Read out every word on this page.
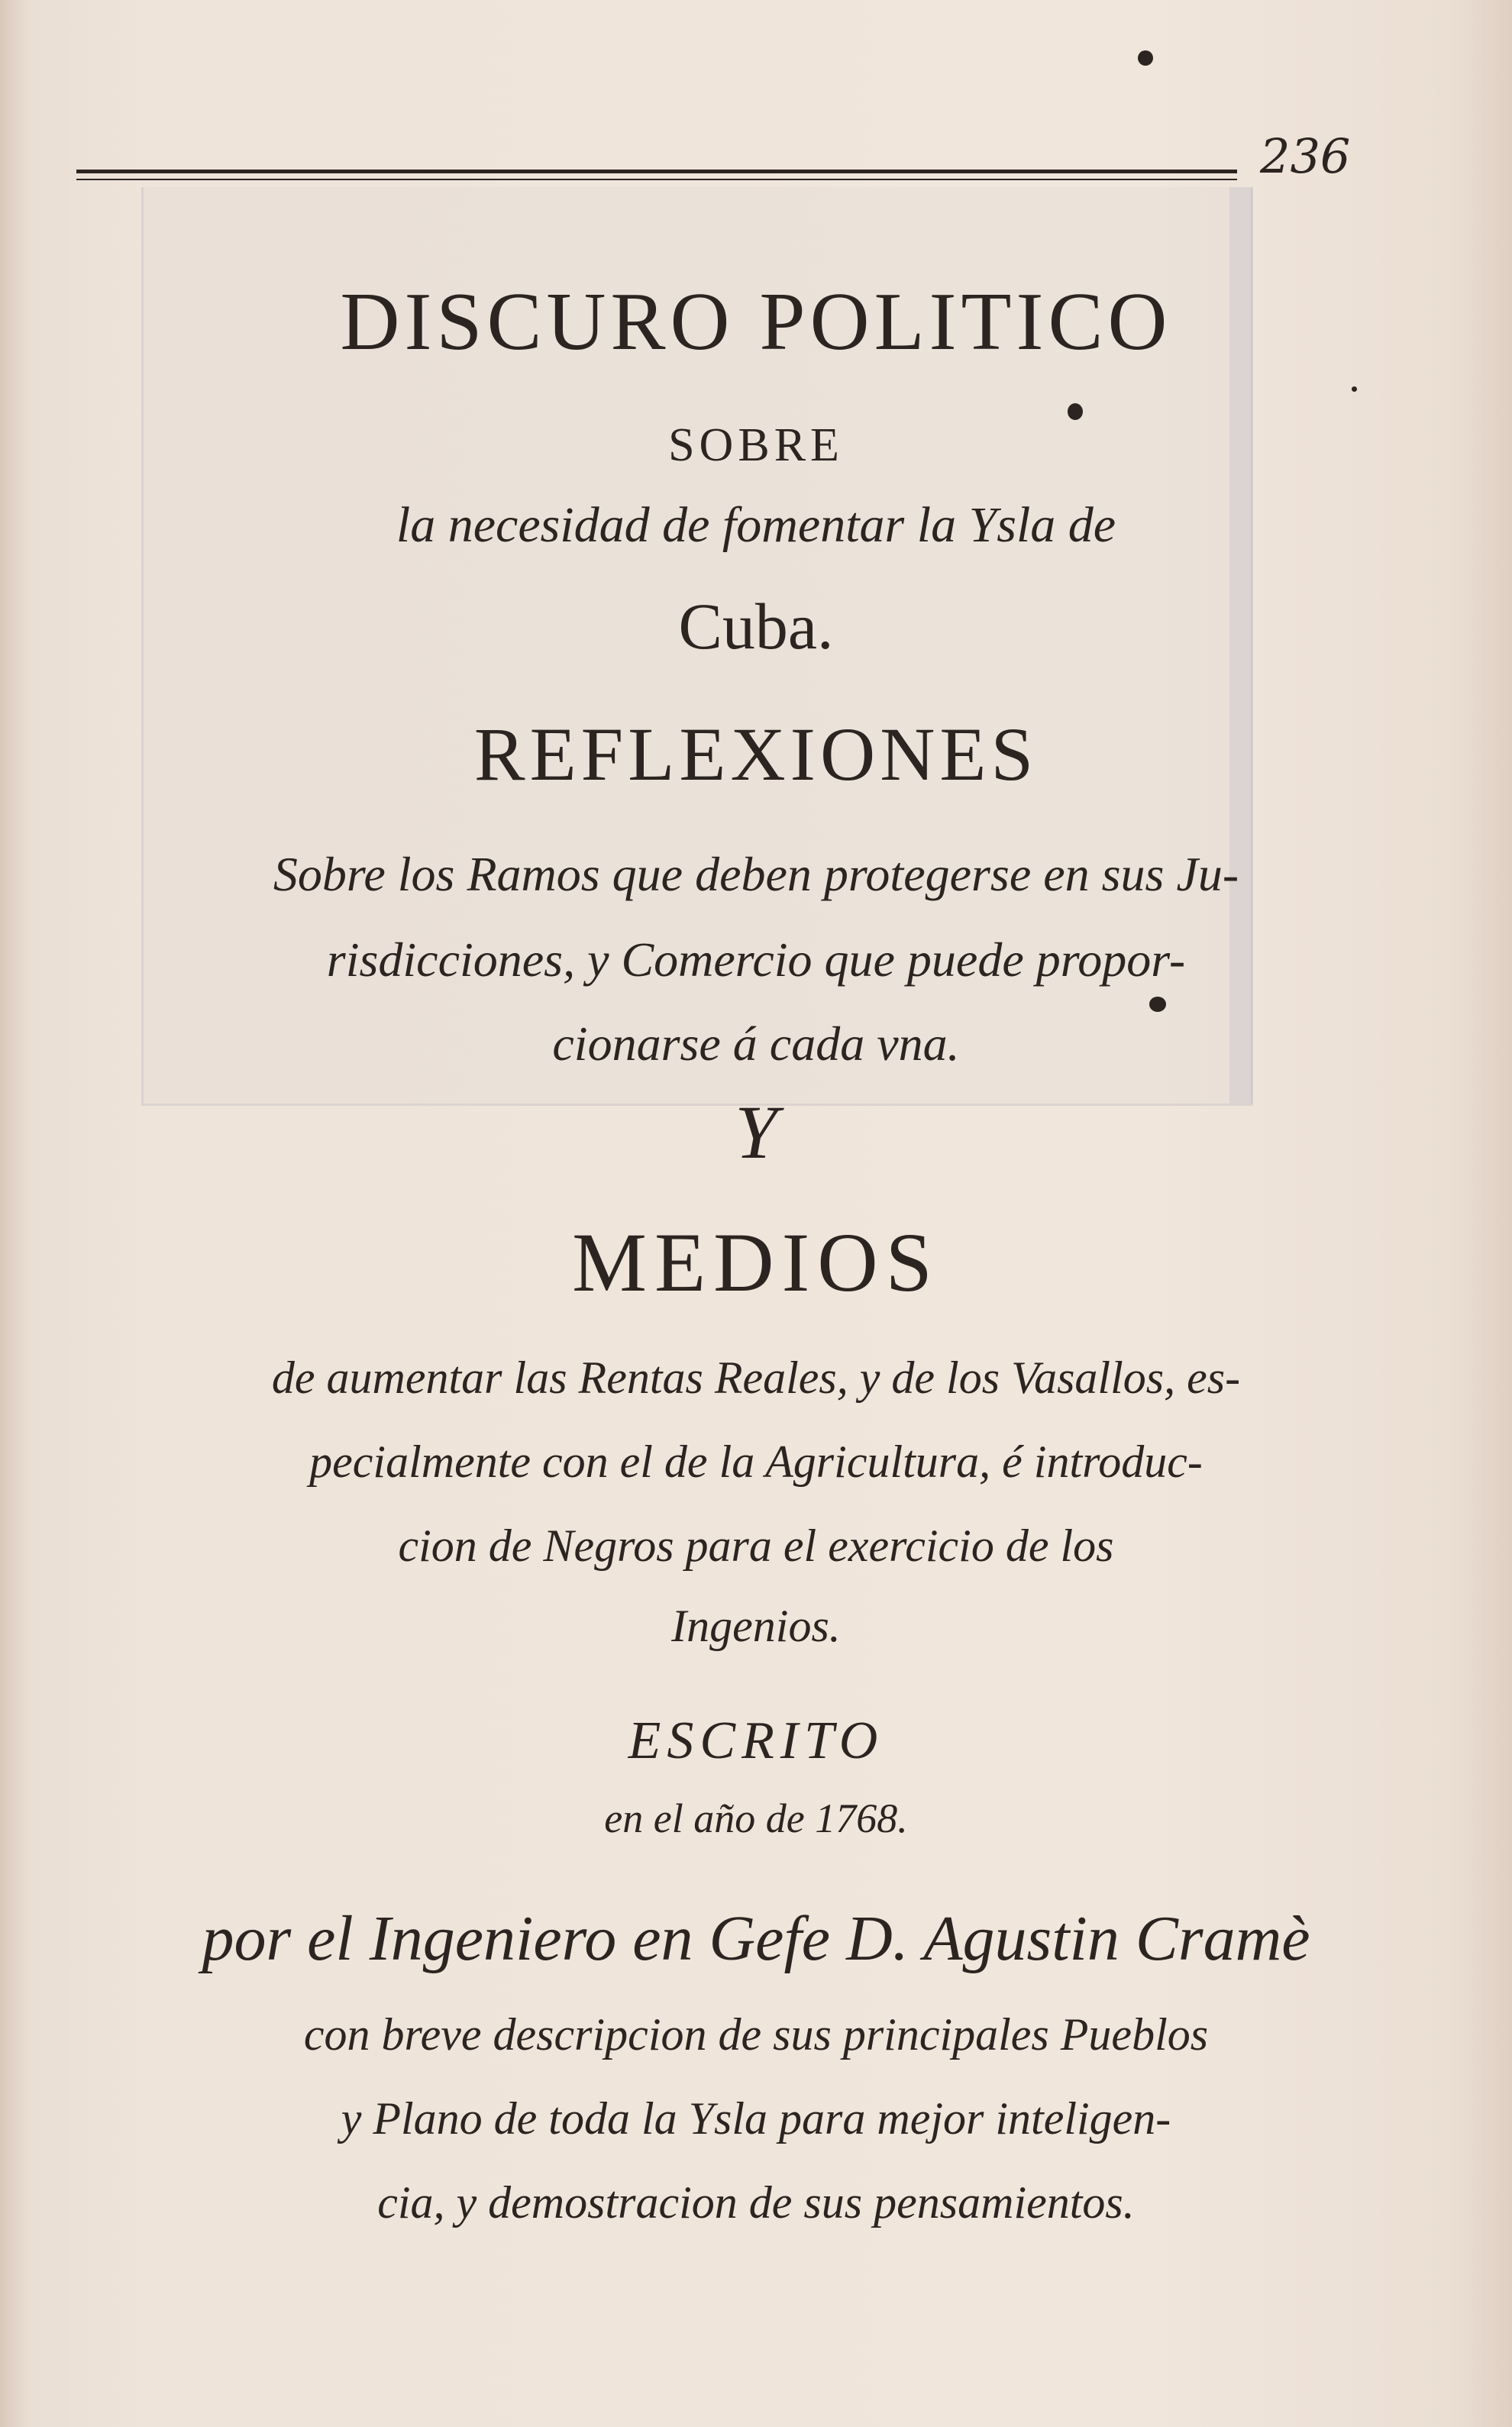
236
DISCURO POLITICO
SOBRE
la necesidad de fomentar la Ysla de
Cuba.
REFLEXIONES
Sobre los Ramos que deben protegerse en sus Ju-
risdicciones, y Comercio que puede propor-
cionarse á cada vna.
Y
MEDIOS
de aumentar las Rentas Reales, y de los Vasallos, es-
pecialmente con el de la Agricultura, é introduc-
cion de Negros para el exercicio de los
Ingenios.
ESCRITO
en el año de 1768.
por el Ingeniero en Gefe D. Agustin Cramè
con breve descripcion de sus principales Pueblos
y Plano de toda la Ysla para mejor inteligen-
cia, y demostracion de sus pensamientos.
